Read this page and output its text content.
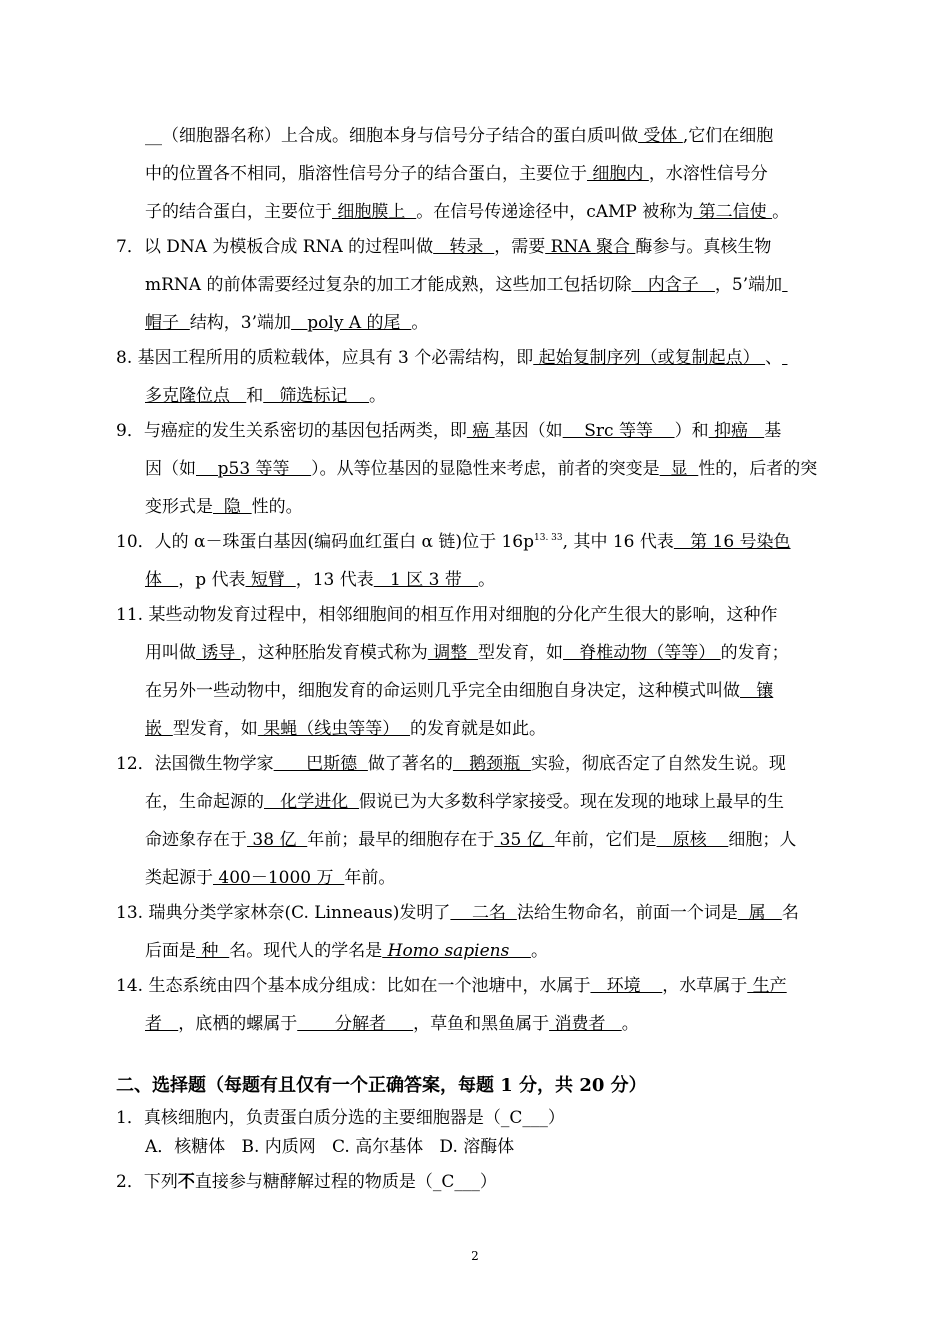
__（细胞器名称）上合成。细胞本身与信号分子结合的蛋白质叫做 受体 ,它们在细胞
中的位置各不相同，脂溶性信号分子的结合蛋白，主要位于 细胞内 ，水溶性信号分
子的结合蛋白，主要位于 细胞膜上  。在信号传递途径中，cAMP 被称为 第二信使 。
7．以 DNA 为模板合成 RNA 的过程叫做   转录  ，需要 RNA 聚合 酶参与。真核生物
mRNA 的前体需要经过复杂的加工才能成熟，这些加工包括切除   内含子   ，5’端加
帽子  结构，3’端加   poly A 的尾  。
8. 基因工程所用的质粒载体，应具有 3 个必需结构，即 起始复制序列（或复制起点） 、
多克隆位点   和   筛选标记    。
9．与癌症的发生关系密切的基因包括两类，即 癌 基因（如    Src 等等    ）和 抑癌   基
因（如    p53 等等    ）。从等位基因的显隐性来考虑，前者的突变是  显  性的，后者的突
变形式是  隐  性的。
10．人的 α－珠蛋白基因(编码血红蛋白 α 链)位于 $16p^{13. 33}$, 其中 16 代表   第 16 号染色
体   ，p 代表 短臂  ，13 代表   1 区 3 带   。
11. 某些动物发育过程中，相邻细胞间的相互作用对细胞的分化产生很大的影响，这种作
用叫做 诱导 ，这种胚胎发育模式称为 调整  型发育，如   脊椎动物（等等） 的发育；
在另外一些动物中，细胞发育的命运则几乎完全由细胞自身决定，这种模式叫做   镶
嵌  型发育，如 果蝇（线虫等等）  的发育就是如此。
12．法国微生物学家      巴斯德  做了著名的   鹅颈瓶  实验，彻底否定了自然发生说。现
在，生命起源的   化学进化  假说已为大多数科学家接受。现在发现的地球上最早的生
命迹象存在于 38 亿  年前；最早的细胞存在于 35 亿  年前，它们是   原核    细胞；人
类起源于 400－1000 万  年前。
13. 瑞典分类学家林奈(C. Linneaus)发明了    二名  法给生物命名，前面一个词是  属   名
后面是 种  名。现代人的学名是 Homo sapiens    。
14. 生态系统由四个基本成分组成：比如在一个池塘中，水属于   环境    ，水草属于 生产
者   ，底栖的螺属于       分解者     ，草鱼和黑鱼属于 消费者   。
二、选择题（每题有且仅有一个正确答案，每题 1 分，共 20 分）
1．真核细胞内，负责蛋白质分选的主要细胞器是（_C___）
A．核糖体   B. 内质网   C. 高尔基体   D. 溶酶体
2．下列不直接参与糖酵解过程的物质是（_C___）
2
